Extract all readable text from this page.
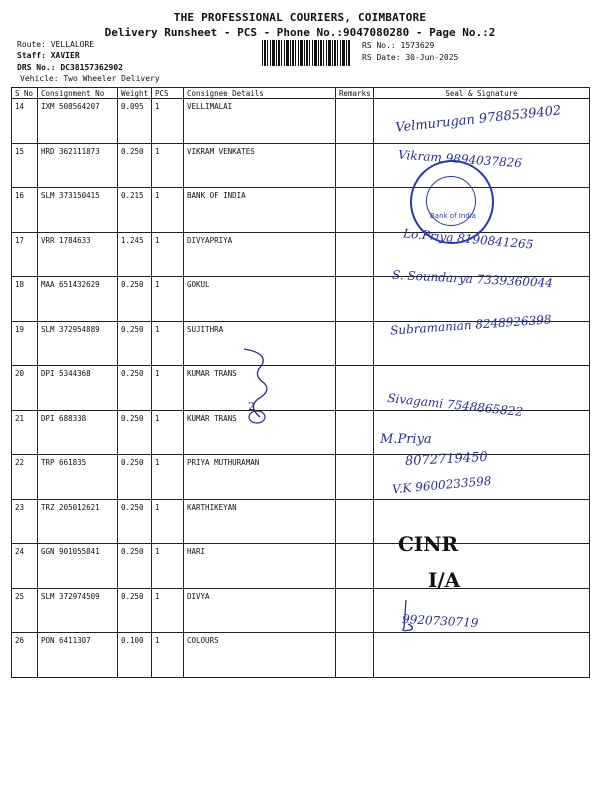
THE PROFESSIONAL COURIERS, COIMBATORE
Delivery Runsheet - PCS - Phone No.:9047080280 - Page No.:2
Route: VELLALORE
Staff: XAVIER
DRS No.: DC38157362902
Vehicle: Two Wheeler Delivery
RS No.: 1573629
RS Date: 30-Jun-2025
S No	Consignment No	Weight	PCS	Consignee Details	Remarks	Seal & Signature
14	IXM 508564207	0.095	1	VELLIMALAI		
15	HRD 362111873	0.250	1	VIKRAM VENKATES		
16	SLM 373150415	0.215	1	BANK OF INDIA		
17	VRR 1784633	1.245	1	DIVYAPRIYA		
18	MAA 651432629	0.250	1	GOKUL		
19	SLM 372954889	0.250	1	SUJITHRA		
20	DPI 5344368	0.250	1	KUMAR TRANS		
21	DPI 688338	0.250	1	KUMAR TRANS		
22	TRP 661835	0.250	1	PRIYA MUTHURAMAN		
23	TRZ 205012621	0.250	1	KARTHIKEYAN		
24	GGN 901055841	0.250	1	HARI		
25	SLM 372974509	0.250	1	DIVYA		
26	PON 6411307	0.100	1	COLOURS		
Velmurugan 9788539402
Vikram 9894037826
Lo.Priya 8190841265
S. Soundarya 7339360044
Subramanian 8248926398
Sivagami 7548865822
M.Priya
8072719450
V.K 9600233598
CINR
I/A
9920730719
2
Bank of India
